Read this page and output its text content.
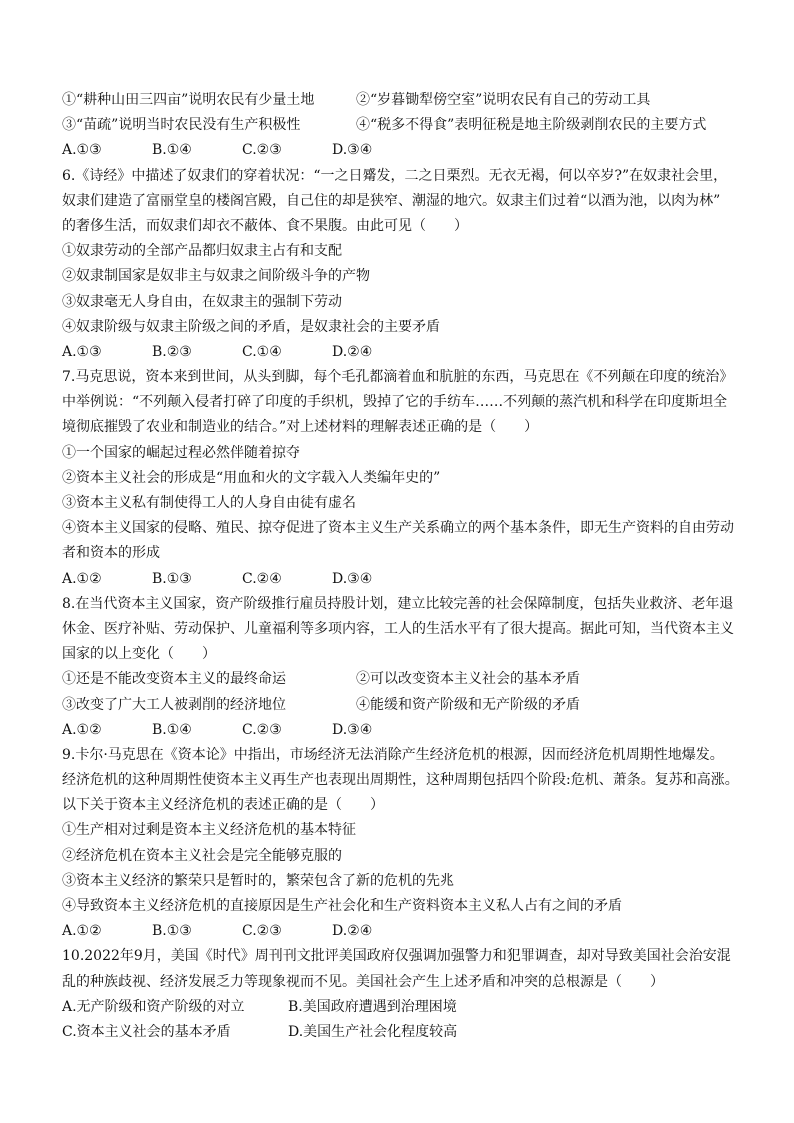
①“耕种山田三四亩”说明农民有少量土地	②“岁暮锄犁傍空室”说明农民有自己的劳动工具
③“苗疏”说明当时农民没有生产积极性	④“税多不得食”表明征税是地主阶级剥削农民的主要方式
A.①③	B.①④	C.②③	D.③④
6.《诗经》中描述了奴隶们的穿着状况：“一之日觱发，二之日栗烈。无衣无褐，何以卒岁?”在奴隶社会里，
奴隶们建造了富丽堂皇的楼阁宫殿，自己住的却是狭窄、潮湿的地穴。奴隶主们过着“以酒为池，以肉为林”
的奢侈生活，而奴隶们却衣不蔽体、食不果腹。由此可见（　　）
①奴隶劳动的全部产品都归奴隶主占有和支配
②奴隶制国家是奴非主与奴隶之间阶级斗争的产物
③奴隶毫无人身自由，在奴隶主的强制下劳动
④奴隶阶级与奴隶主阶级之间的矛盾，是奴隶社会的主要矛盾
A.①③	B.②③	C.①④	D.②④
7.马克思说，资本来到世间，从头到脚，每个毛孔都滴着血和肮脏的东西，马克思在《不列颠在印度的统治》
中举例说：“不列颠入侵者打碎了印度的手织机，毁掉了它的手纺车……不列颠的蒸汽机和科学在印度斯坦全
境彻底摧毁了农业和制造业的结合。”对上述材料的理解表述正确的是（　　）
①一个国家的崛起过程必然伴随着掠夺
②资本主义社会的形成是“用血和火的文字载入人类编年史的”
③资本主义私有制使得工人的人身自由徒有虚名
④资本主义国家的侵略、殖民、掠夺促进了资本主义生产关系确立的两个基本条件，即无生产资料的自由劳动
者和资本的形成
A.①②	B.①③	C.②④	D.③④
8.在当代资本主义国家，资产阶级推行雇员持股计划，建立比较完善的社会保障制度，包括失业救济、老年退
休金、医疗补贴、劳动保护、儿童福利等多项内容，工人的生活水平有了很大提高。据此可知，当代资本主义
国家的以上变化（　　）
①还是不能改变资本主义的最终命运	②可以改变资本主义社会的基本矛盾
③改变了广大工人被剥削的经济地位	④能缓和资产阶级和无产阶级的矛盾
A.①②	B.①④	C.②③	D.③④
9.卡尔·马克思在《资本论》中指出，市场经济无法消除产生经济危机的根源，因而经济危机周期性地爆发。
经济危机的这种周期性使资本主义再生产也表现出周期性，这种周期包括四个阶段:危机、萧条。复苏和高涨。
以下关于资本主义经济危机的表述正确的是（　　）
①生产相对过剩是资本主义经济危机的基本特征
②经济危机在资本主义社会是完全能够克服的
③资本主义经济的繁荣只是暂时的，繁荣包含了新的危机的先兆
④导致资本主义经济危机的直接原因是生产社会化和生产资料资本主义私人占有之间的矛盾
A.①②	B.①③	C.②③	D.②④
10.2022年9月，美国《时代》周刊刊文批评美国政府仅强调加强警力和犯罪调查，却对导致美国社会治安混
乱的种族歧视、经济发展乏力等现象视而不见。美国社会产生上述矛盾和冲突的总根源是（　　）
A.无产阶级和资产阶级的对立	B.美国政府遭遇到治理困境
C.资本主义社会的基本矛盾	D.美国生产社会化程度较高
